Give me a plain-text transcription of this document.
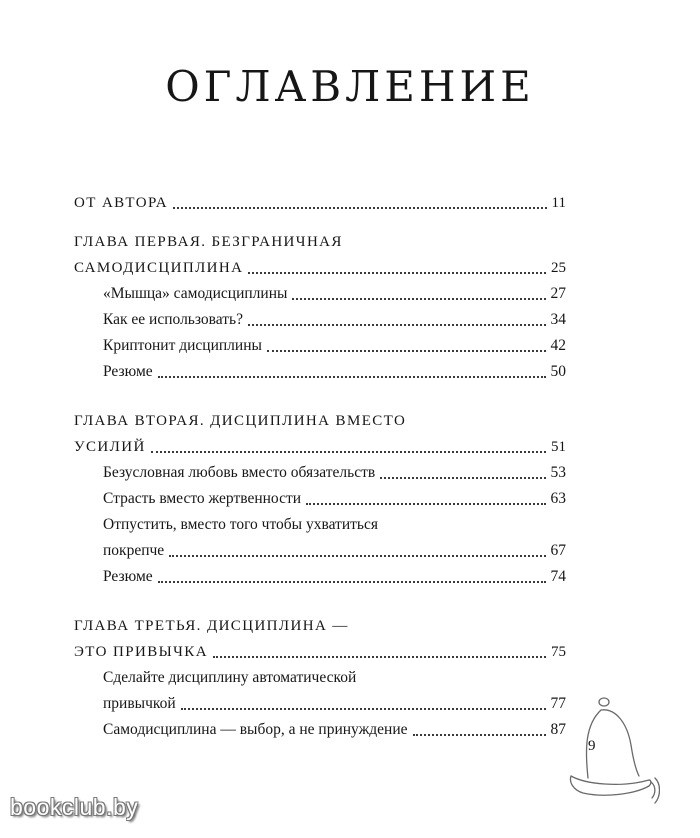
ОГЛАВЛЕНИЕ
ОТ АВТОРА	11
ГЛАВА ПЕРВАЯ. БЕЗГРАНИЧНАЯ
САМОДИСЦИПЛИНА	25
«Мышца» самодисциплины	27
Как ее использовать?	34
Криптонит дисциплины	42
Резюме	50
ГЛАВА ВТОРАЯ. ДИСЦИПЛИНА ВМЕСТО
УСИЛИЙ	51
Безусловная любовь вместо обязательств	53
Страсть вместо жертвенности	63
Отпустить, вместо того чтобы ухватиться
покрепче	67
Резюме	74
ГЛАВА ТРЕТЬЯ. ДИСЦИПЛИНА —
ЭТО ПРИВЫЧКА	75
Сделайте дисциплину автоматической
привычкой	77
Самодисциплина — выбор, а не принуждение	87
9
bookclub.by
